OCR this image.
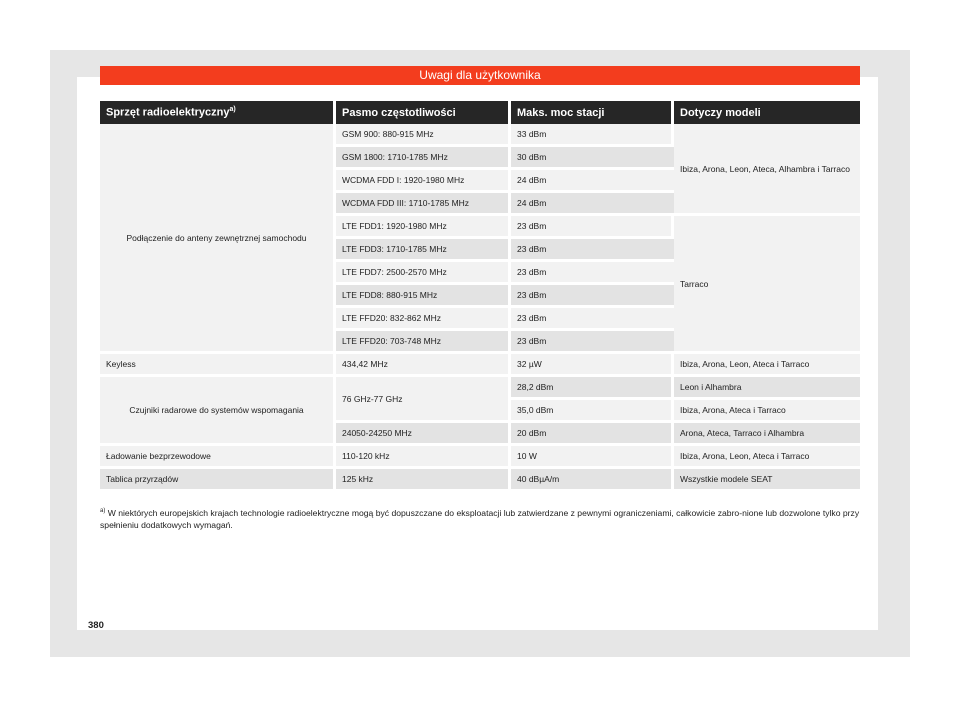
Uwagi dla użytkownika
Sprzęt radioelektryczny$^{a)}$	Pasmo częstotliwości	Maks. moc stacji	Dotyczy modeli
Podłączenie do anteny zewnętrznej samochodu	GSM 900: 880-915 MHz	33 dBm	Ibiza, Arona, Leon, Ateca, Alhambra i Tarraco
	GSM 1800: 1710-1785 MHz	30 dBm	
	WCDMA FDD I: 1920-1980 MHz	24 dBm	
	WCDMA FDD III: 1710-1785 MHz	24 dBm	
	LTE FDD1: 1920-1980 MHz	23 dBm	Tarraco
	LTE FDD3: 1710-1785 MHz	23 dBm	
	LTE FDD7: 2500-2570 MHz	23 dBm	
	LTE FDD8: 880-915 MHz	23 dBm	
	LTE FFD20: 832-862 MHz	23 dBm	
	LTE FFD20: 703-748 MHz	23 dBm	
Keyless	434,42 MHz	32 µW	Ibiza, Arona, Leon, Ateca i Tarraco
Czujniki radarowe do systemów wspomagania	76 GHz-77 GHz	28,2 dBm	Leon i Alhambra
		35,0 dBm	Ibiza, Arona, Ateca i Tarraco
	24050-24250 MHz	20 dBm	Arona, Ateca, Tarraco i Alhambra
Ładowanie bezprzewodowe	110-120 kHz	10 W	Ibiza, Arona, Leon, Ateca i Tarraco
Tablica przyrządów	125 kHz	40 dBµA/m	Wszystkie modele SEAT
$^{a)}$ W niektórych europejskich krajach technologie radioelektryczne mogą być dopuszczane do eksploatacji lub zatwierdzane z pewnymi ograniczeniami, całkowicie zabro-nione lub dozwolone tylko przy spełnieniu dodatkowych wymagań.
380
